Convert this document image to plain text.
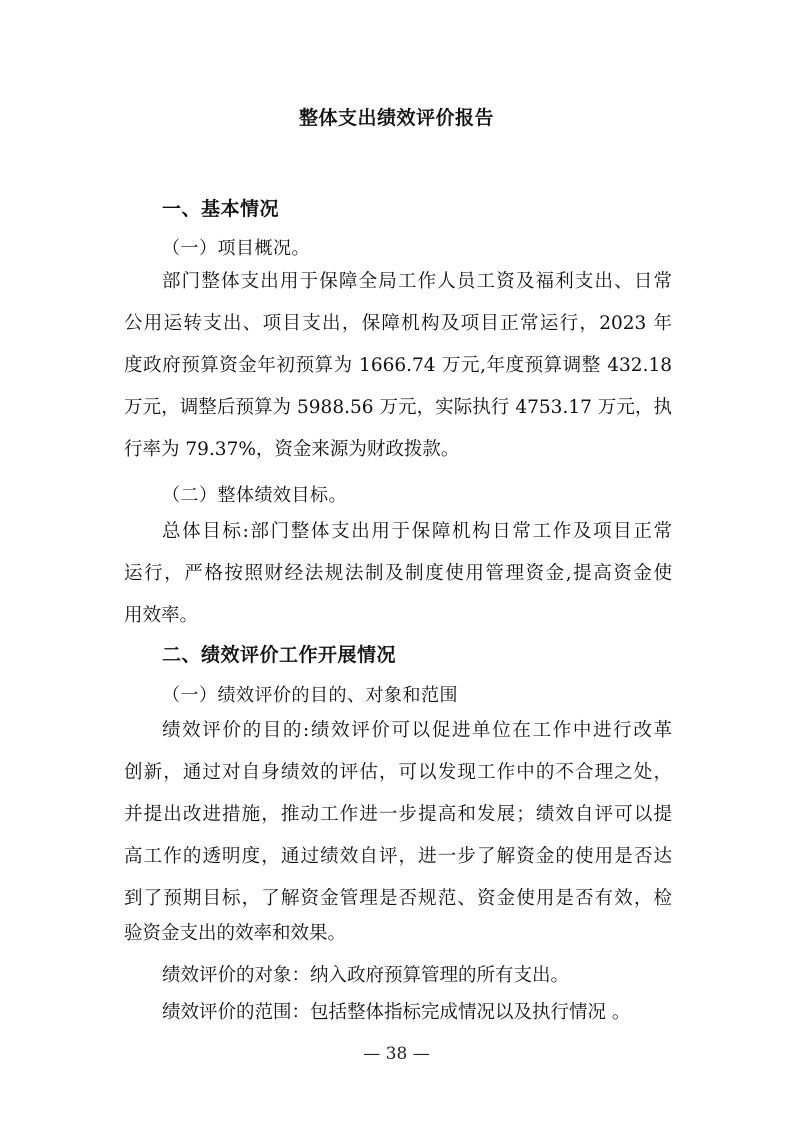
整体支出绩效评价报告
一、基本情况
（一）项目概况。
部门整体支出用于保障全局工作人员工资及福利支出、日常
公用运转支出、项目支出，保障机构及项目正常运行，2023 年
度政府预算资金年初预算为 1666.74 万元,年度预算调整 432.18
万元，调整后预算为 5988.56 万元，实际执行 4753.17 万元，执
行率为 79.37%，资金来源为财政拨款。
（二）整体绩效目标。
总体目标:部门整体支出用于保障机构日常工作及项目正常
运行，严格按照财经法规法制及制度使用管理资金,提高资金使
用效率。
二、绩效评价工作开展情况
（一）绩效评价的目的、对象和范围
绩效评价的目的:绩效评价可以促进单位在工作中进行改革
创新，通过对自身绩效的评估，可以发现工作中的不合理之处，
并提出改进措施，推动工作进一步提高和发展；绩效自评可以提
高工作的透明度，通过绩效自评，进一步了解资金的使用是否达
到了预期目标，了解资金管理是否规范、资金使用是否有效，检
验资金支出的效率和效果。
绩效评价的对象：纳入政府预算管理的所有支出。
绩效评价的范围：包括整体指标完成情况以及执行情况 。
— 38 —
